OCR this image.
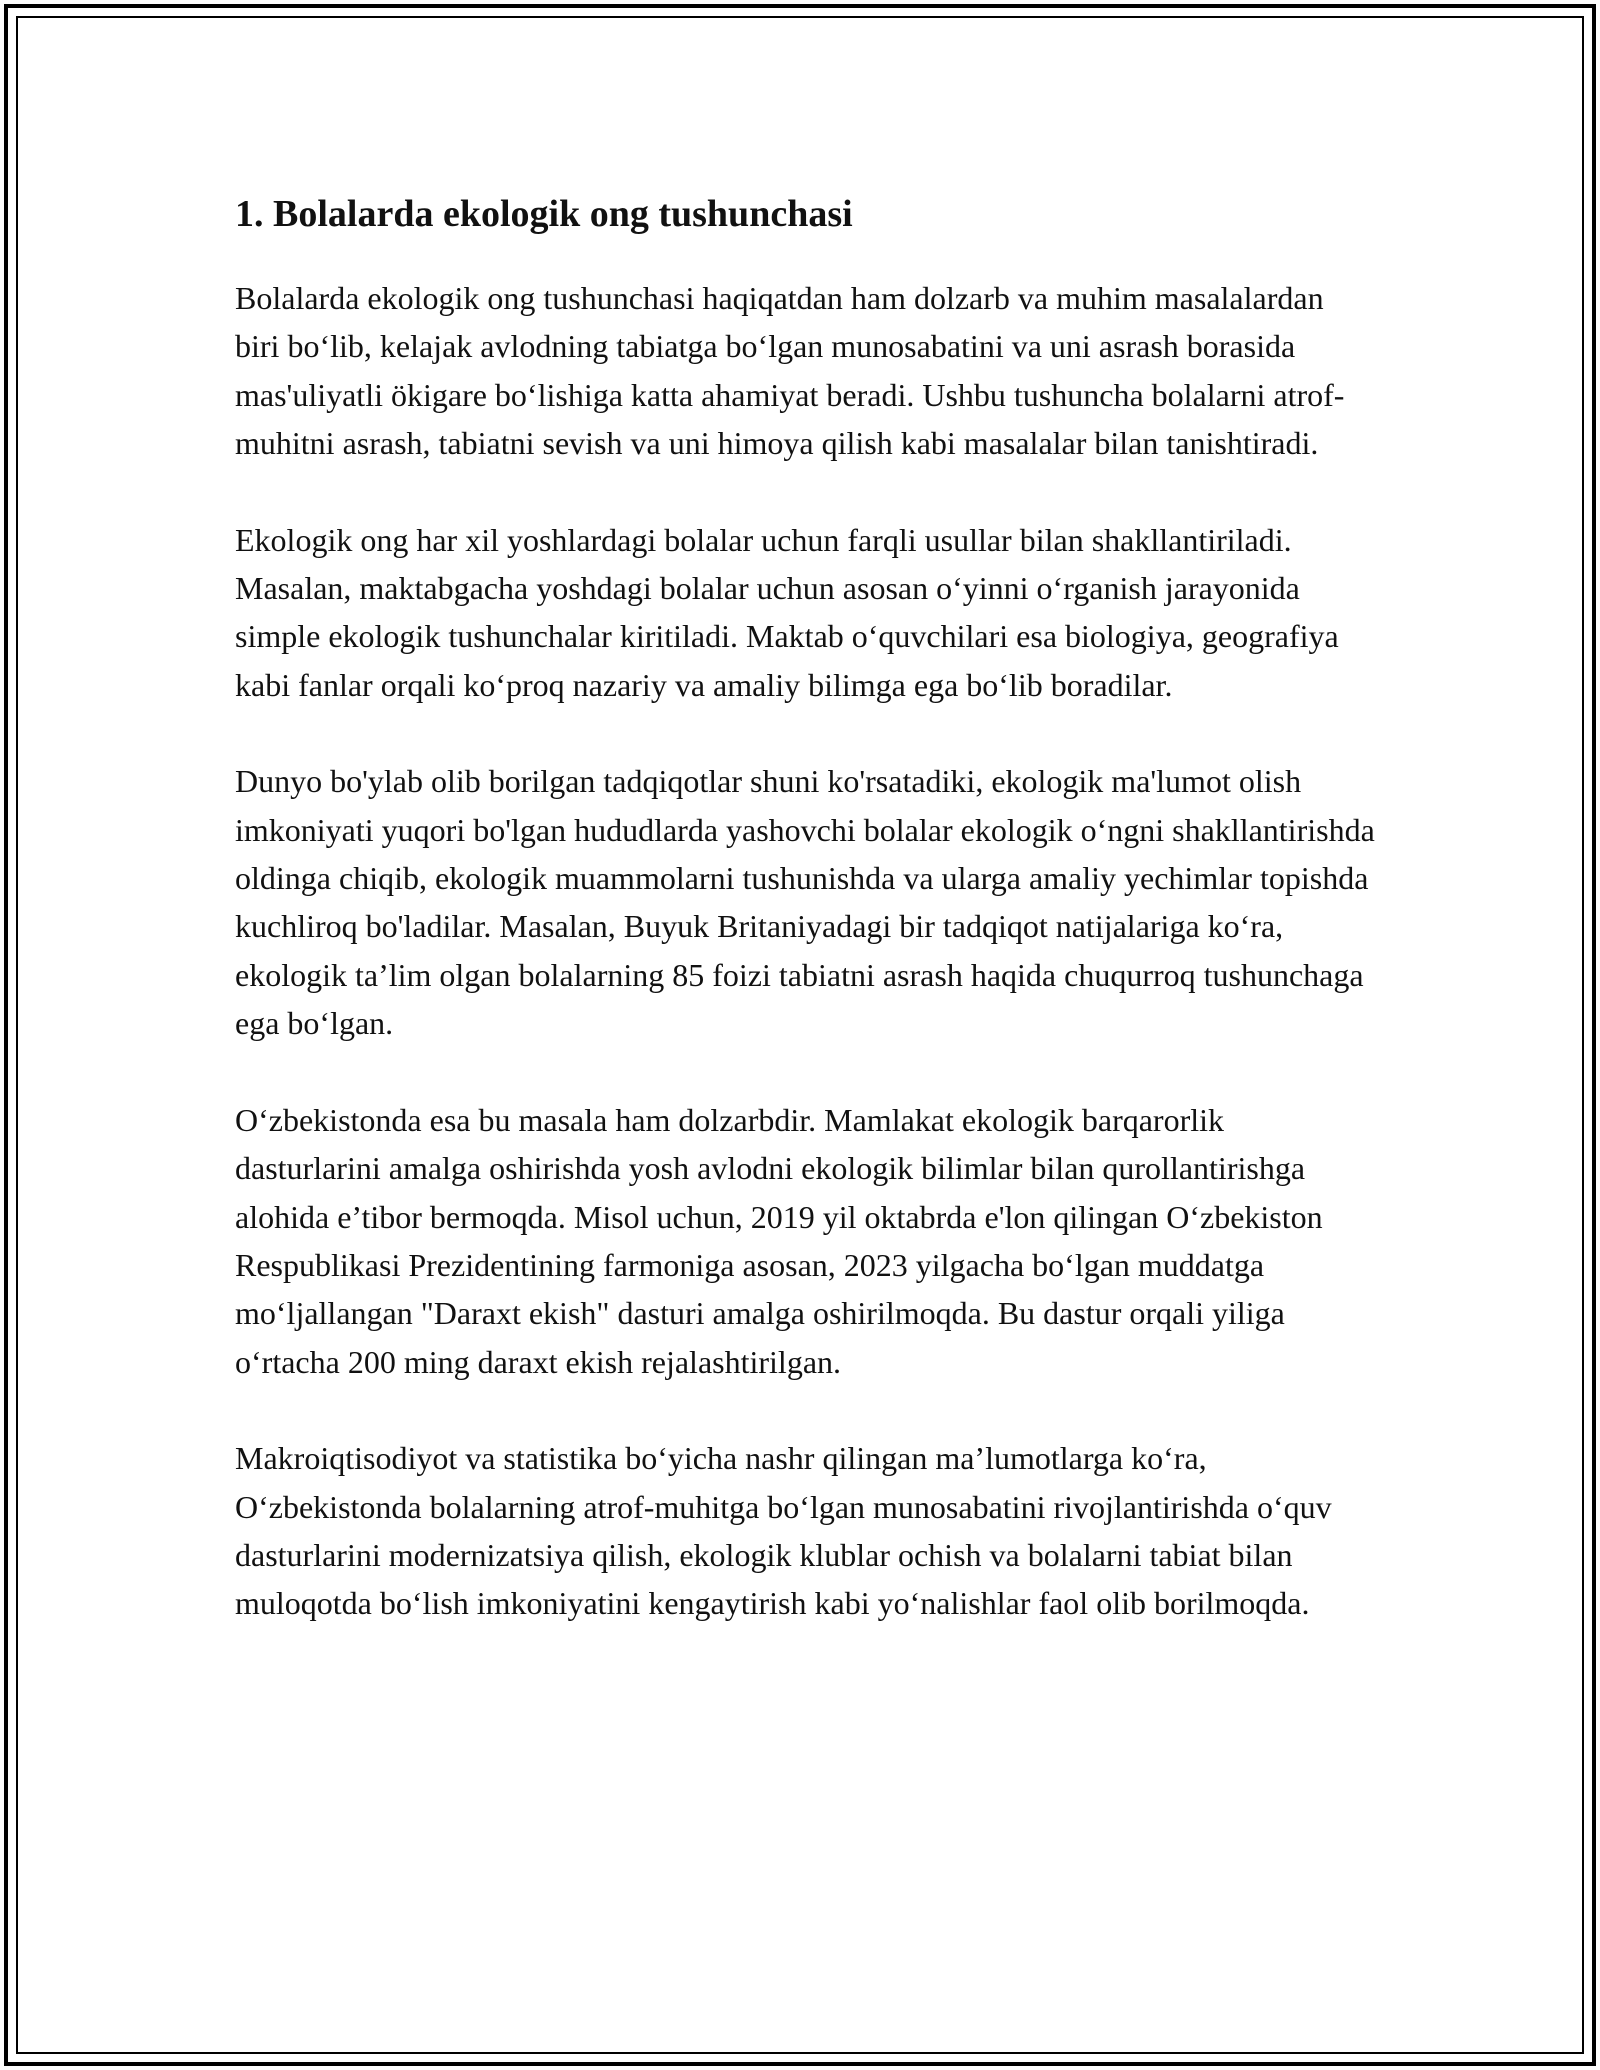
1. Bolalarda ekologik ong tushunchasi

Bolalarda ekologik ong tushunchasi haqiqatdan ham dolzarb va muhim masalalardan biri bo‘lib, kelajak avlodning tabiatga bo‘lgan munosabatini va uni asrash borasida mas'uliyatli ökigare bo‘lishiga katta ahamiyat beradi. Ushbu tushuncha bolalarni atrof-muhitni asrash, tabiatni sevish va uni himoya qilish kabi masalalar bilan tanishtiradi.

Ekologik ong har xil yoshlardagi bolalar uchun farqli usullar bilan shakllantiriladi. Masalan, maktabgacha yoshdagi bolalar uchun asosan o‘yinni o‘rganish jarayonida simple ekologik tushunchalar kiritiladi. Maktab o‘quvchilari esa biologiya, geografiya kabi fanlar orqali ko‘proq nazariy va amaliy bilimga ega bo‘lib boradilar.

Dunyo bo'ylab olib borilgan tadqiqotlar shuni ko'rsatadiki, ekologik ma'lumot olish imkoniyati yuqori bo'lgan hududlarda yashovchi bolalar ekologik o‘ngni shakllantirishda oldinga chiqib, ekologik muammolarni tushunishda va ularga amaliy yechimlar topishda kuchliroq bo'ladilar. Masalan, Buyuk Britaniyadagi bir tadqiqot natijalariga ko‘ra, ekologik ta’lim olgan bolalarning 85 foizi tabiatni asrash haqida chuqurroq tushunchaga ega bo‘lgan.

O‘zbekistonda esa bu masala ham dolzarbdir. Mamlakat ekologik barqarorlik dasturlarini amalga oshirishda yosh avlodni ekologik bilimlar bilan qurollantirishga alohida e’tibor bermoqda. Misol uchun, 2019 yil oktabrda e'lon qilingan O‘zbekiston Respublikasi Prezidentining farmoniga asosan, 2023 yilgacha bo‘lgan muddatga mo‘ljallangan "Daraxt ekish" dasturi amalga oshirilmoqda. Bu dastur orqali yiliga o‘rtacha 200 ming daraxt ekish rejalashtirilgan.

Makroiqtisodiyot va statistika bo‘yicha nashr qilingan ma’lumotlarga ko‘ra, O‘zbekistonda bolalarning atrof-muhitga bo‘lgan munosabatini rivojlantirishda o‘quv dasturlarini modernizatsiya qilish, ekologik klublar ochish va bolalarni tabiat bilan muloqotda bo‘lish imkoniyatini kengaytirish kabi yo‘nalishlar faol olib borilmoqda.
